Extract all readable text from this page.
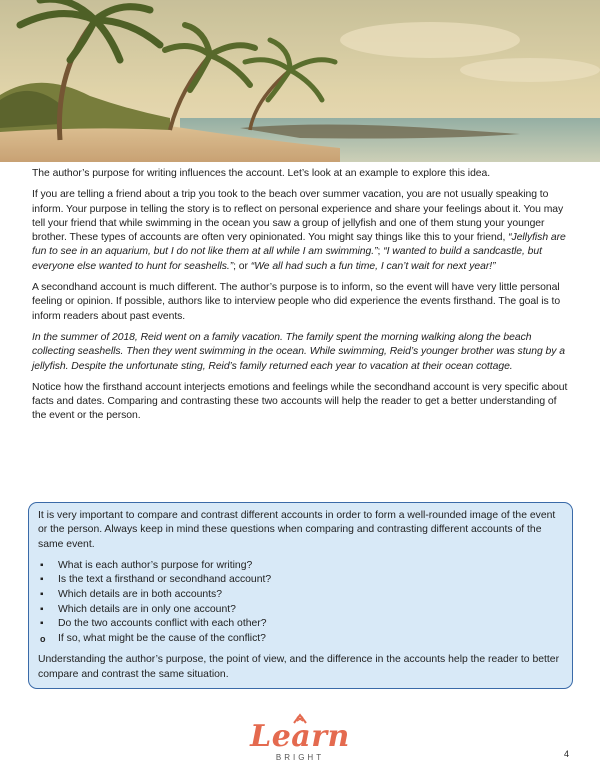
The author’s purpose for writing influences the account. Let’s look at an example to explore this idea.

If you are telling a friend about a trip you took to the beach over summer vacation, you are not usually speaking to inform. Your purpose in telling the story is to reflect on personal experience and share your feelings about it. You may tell your friend that while swimming in the ocean you saw a group of jellyfish and one of them stung your younger brother. These types of accounts are often very opinionated. You might say things like this to your friend, “Jellyfish are fun to see in an aquarium, but I do not like them at all while I am swimming.”; “I wanted to build a sandcastle, but everyone else wanted to hunt for seashells.”; or “We all had such a fun time, I can’t wait for next year!”

A secondhand account is much different. The author’s purpose is to inform, so the event will have very little personal feeling or opinion. If possible, authors like to interview people who did experience the events firsthand. The goal is to inform readers about past events.

In the summer of 2018, Reid went on a family vacation. The family spent the morning walking along the beach collecting seashells. Then they went swimming in the ocean. While swimming, Reid’s younger brother was stung by a jellyfish. Despite the unfortunate sting, Reid’s family returned each year to vacation at their ocean cottage.

Notice how the firsthand account interjects emotions and feelings while the secondhand account is very specific about facts and dates. Comparing and contrasting these two accounts will help the reader to get a better understanding of the event or the person.

It is very important to compare and contrast different accounts in order to form a well-rounded image of the event or the person. Always keep in mind these questions when comparing and contrasting different accounts of the same event.

▪	What is each author’s purpose for writing?
▪	Is the text a firsthand or secondhand account?
▪	Which details are in both accounts?
▪	Which details are in only one account?
▪	Do the two accounts conflict with each other?
o	If so, what might be the cause of the conflict?

Understanding the author’s purpose, the point of view, and the difference in the accounts help the reader to better compare and contrast the same situation.

Learn
BRIGHT	4
